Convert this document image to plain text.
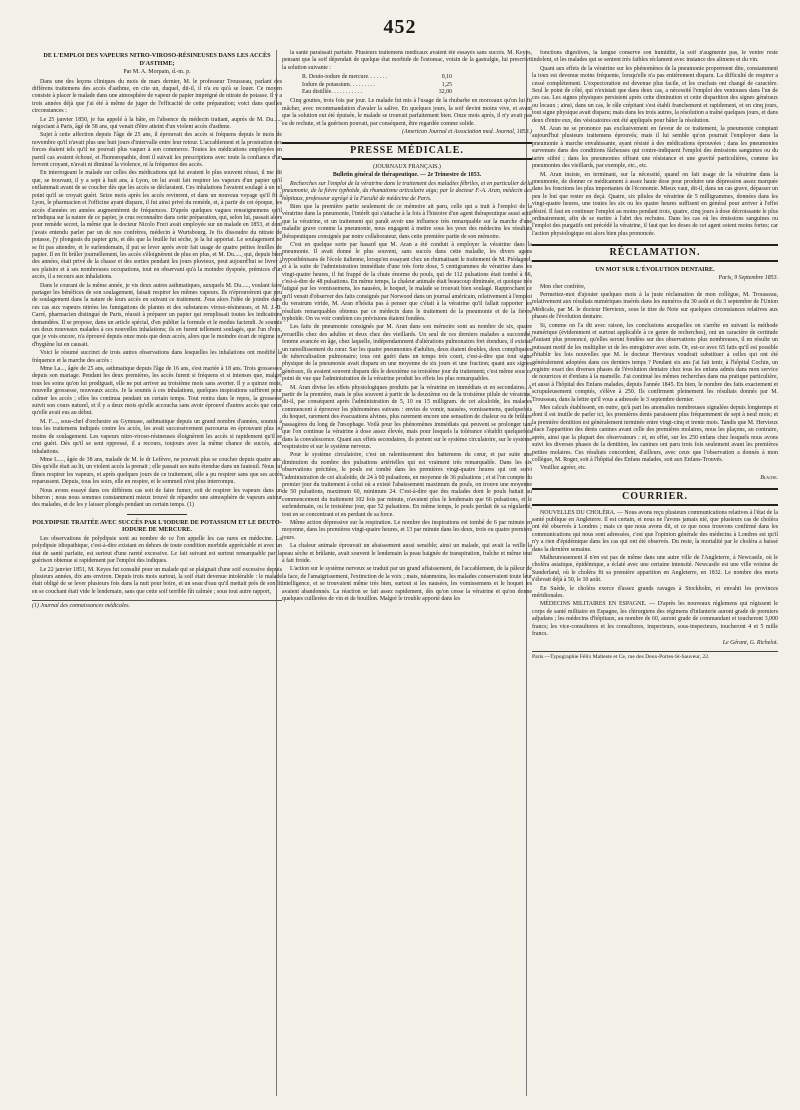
452
DE L'EMPLOI DES VAPEURS NITRO-VIROSO-RÉSINEUSES DANS LES ACCÈS D'ASTHME;
Par M. A. Morpain, d.-m. p.

Dans une des leçons cliniques du mois de mars dernier, M. le professeur Trousseau, parlant des différens traitemens des accès d'asthme, en cite un, duquel, dit-il, il n'a eu qu'à se louer. Ce moyen consiste à placer le malade dans une atmosphère de vapeur de papier imprégné de nitrate de potasse. Il y a trois années déjà que j'ai été à même de juger de l'efficacité de cette préparation; voici dans quelles circonstances :

Le 25 janvier 1850, je fus appelé à la hâte, en l'absence du médecin traitant, auprès de M. Du....., négociant à Paris, âgé de 58 ans, qui venait d'être atteint d'un violent accès d'asthme.

Sujet à cette affection depuis l'âge de 25 ans, il éprouvait des accès si fréquens depuis le mois de novembre qu'il n'avait plus une huit jours d'intervalle entre leur retour. L'accablement et la prostration des forces étaient tels qu'il ne pouvait plus vaquer à son commerce. Toutes les médications employées en pareil cas avaient échoué, et l'homœopathie, dont il suivait les prescriptions avec toute la confiance d'un fervent croyant, n'avait ni diminué la violence, ni la fréquence des accès.

En interrogeant le malade sur celles des médications qui lui avaient le plus souvent réussi, il me dit que, se trouvant, il y a sept à huit ans, à Lyon, on lui avait fait respirer les vapeurs d'un papier qu'il enflammait avant de se coucher dès que les accès se déclaraient. Ces inhalations l'avaient soulagé à un tel point qu'il se croyait guéri. Seize mois après les accès revinrent, et dans un nouveau voyage qu'il fit à Lyon, le pharmacien et l'officine ayant disparu, il fut ainsi privé du remède, et, à partir de cet époque, les accès d'années en années augmentèrent de fréquences. D'après quelques vagues renseignemens qu'il m'indiqua sur la nature de ce papier, je crus reconnaître dans cette préparation, qui, selon lui, passait alors pour remède secret, la même que le docteur Nicolo Freri avait employée sur un malade en 1853, et dont j'avais entendu parler par un de nos confrères, médecin à Wurtsbourg. Je fis dissoudre du nitrate de potasse, j'y plongeais du papier gris, et dès que la feuille fut sèche, je la lui apportai. Le soulagement ne se fit pas attendre, et le surlendemain, il put se lever après avoir fait usage de quatre petites feuilles de papier. Il en fit brûler journellement, les accès s'éloignèrent de plus en plus, et M. Du....., qui, depuis bien des années, était privé de la chasse et des sorties pendant les jours pluvieux, peut aujourd'hui se livrer à ses plaisirs et à ses nombreuses occupations, tout en observant qu'à la moindre dyspnée, prémices d'un accès, il a recours aux inhalations.

Dans le courant de la même année, je vis deux autres asthmatiques, auxquels M. Du....., voulant faire partager les bénéfices de son soulagement, faisait respirer les mêmes vapeurs. Ils n'éprouvèrent que peu de soulagement dans la nature de leurs accès en suivant ce traitement. J'eus alors l'idée de joindre dans ces cas aux vapeurs nitrées les fumigations de plantes et des substances viroso-résineuses, et M. J.-B. Carré, pharmacien distingué de Paris, réussit à préparer un papier qui remplissait toutes les indications demandées. Il se propose, dans un article spécial, d'en publier la formule et le modus faciendi. Je soumis ces deux nouveaux malades à ces nouvelles inhalations; ils en furent tellement soulagés, que l'un d'eux, que je vois encore, n'a éprouvé depuis onze mois que deux accès, alors que le moindre écart de régime ou d'hygiène lui en causait.

Voici le résumé succinct de trois autres observations dans lesquelles les inhalations ont modifié la fréquence et la marche des accès :

Mme La..., âgée de 25 ans, asthmatique depuis l'âge de 16 ans, s'est mariée à 18 ans. Trois grossesses depuis son mariage. Pendant les deux premières, les accès furent si fréquens et si intenses que, malgré tous les soins qu'on lui prodiguait, elle ne put arriver au troisième mois sans avorter. Il y a quinze mois, nouvelle grossesse, nouveaux accès. Je la soumis à ces inhalations, quelques inspirations suffirent pour calmer les accès ; elles les continua pendant un certain temps. Tout rentra dans le repos, la grossesse suivit son cours naturel, et il y a deux mois qu'elle accoucha sans avoir éprouvé d'autres accès que ceux qu'elle avait eus au début.

M. F...., sous-chef d'orchestre au Gymnase, asthmatique depuis un grand nombre d'années, soumis à tous les traitemens indiqués contre les accès, les avait successivement parcourus en éprouvant plus ou moins de soulagement. Les vapeurs nitro-viroso-résineuses éloignèrent les accès si rapidement qu'il se crut guéri. Dès qu'il se sent oppressé, il a recours, toujours avec la même chance de succès, aux inhalations.

Mme L...., âgée de 38 ans, malade de M. le dr Lefèvre, ne pouvait plus se coucher depuis quatre ans. Dès qu'elle était au lit, un violent accès la prenait ; elle passait ses nuits étendue dans un fauteuil. Nous lui fîmes respirer les vapeurs, et après quelques jours de ce traitement, elle a pu respirer sans que ses accès reparussent. Depuis, tous les soirs, elle en respire, et le sommeil n'est plus interrompu.

Nous avons essayé dans ces différens cas soit de faire fumer, soit de respirer les vapeurs dans un biberon ; nous nous sommes constamment mieux trouvé de répandre une atmosphère de vapeurs autour des malades, et de les y laisser plongés pendant un certain temps. (1)

POLYDIPSIE TRAITÉE AVEC SUCCÈS PAR L'IODURE DE POTASSIUM ET LE DEUTO-IODURE DE MERCURE.

Les observations de polydipsie sont au nombre de ce l'on appelle les cas rares en médecine. La polydipsie idiopathique, c'est-à-dire existant en dehors de toute condition morbide appréciable et avec un état de santé parfaite, est surtout d'une rareté excessive. Le fait suivant est surtout remarquable par la guérison obtenue si rapidement par l'emploi des iodiques.

Le 22 janvier 1851, M. Keyes fut consulté pour un malade qui se plaignait d'une soif excessive depuis plusieurs années, dix ans environ. Depuis trois mois surtout, la soif était devenue intolérable : le malade était obligé de se lever plusieurs fois dans la nuit pour boire, et un seau d'eau qu'il mettait près de son lit en se couchant était vide le lendemain, sans que cette soif terrible fût calmée ; sous tout autre rapport,

(1) Journal des connaissances médicales.

la santé paraissait parfaite. Plusieurs traitemens médicaux avaient été essayés sans succès. M. Keyes, pensant que la soif dépendait de quelque état morbide de l'estomac, voisin de la gastralgie, lui prescrivit la solution suivante :

R. Deuto-iodure de mercure. . . . . . .	0,10
Iodure de potassium. . . . . . . . .	1,25
Eau distillée. . . . . . . . . . .	32,00

Cinq gouttes, trois fois par jour. Le malade fut mis à l'usage de la rhubarbe en morceaux qu'on lui fit mâcher, avec recommandation d'avaler la salive. En quelques jours, la soif devint moins vive, et avant que la solution eut été épuisée, le malade se trouvait parfaitement bien. Onze mois après, il n'y avait pas eu de rechute, et la guérison pouvait, par conséquent, être regardée comme solide.

(American Journal et Association med. Journal, 1853.)

PRESSE MÉDICALE.

(JOURNAUX FRANÇAIS.)

Bulletin général de thérapeutique. — 2e Trimestre de 1853.

Recherches sur l'emploi de la vératrine dans le traitement des maladies fébriles, et en particulier de la pneumonie, de la fièvre typhoïde, du rhumatisme articulaire aigu; par le docteur F.-A. Aran, médecin des hôpitaux, professeur agrégé à la Faculté de médecine de Paris.

Bien que la première partie seulement de ce mémoire ait paru, celle qui a trait à l'emploi de la vératrine dans la pneumonie, l'intérêt qui s'attache à la fois à l'histoire d'un agent thérapeutique aussi actif que la vératrine, et un traitement qui paraît avoir une influence très remarquable sur la marche d'une maladie grave comme la pneumonie, nous engagent à mettre sous les yeux des médecins les résultats thérapeutiques consignés par notre collaborateur, dans cette première partie de son mémoire.

C'est en quelque sorte par hasard que M. Aran a été conduit à employer la vératrine dans la pneumonie. Il avait donné le plus souvent, sans succès dans cette maladie, les divers agens hyposthénisans de l'école italienne, lorsqu'en essayant chez un rhumatisant le traitement de M. Piédagnel, et à la suite de l'administration immédiate d'une très forte dose, 5 centigrammes de vératrine dans les vingt-quatre heures, il fut frappé de la chute énorme du pouls, qui de 112 pulsations était tombé à 66, c'est-à-dire de 48 pulsations. En même temps, la chaleur animale était beaucoup diminuée, et quoique très fatigué par les vomissemens, les nausées, le hoquet, le malade se trouvait bien soulagé. Rapprochant ce qu'il venait d'observer des faits consignés par Norwood dans un journal américain, relativement à l'emploi du veratrum viride, M. Aran n'hésita pas à penser que c'était à la vératrine qu'il fallait rapporter les résultats remarquables obtenus par ce médecin dans le traitement de la pneumonie et de la fièvre typhoïde. On va voir combien ces prévisions étaient fondées.

Les faits de pneumonie consignés par M. Aran dans son mémoire sont au nombre de six, quatre recueillis chez des adultes et deux chez des vieillards. Un seul de ces derniers malades a succombé, femme avancée en âge, chez laquelle, indépendamment d'altérations pulmonaires fort étendues, il existait un ramollissement du cœur. Sur les quatre pneumonies d'adultes, deux étaient doubles, deux compliquées de tuberculisation pulmonaire; tous ont guéri dans un temps très court, c'est-à-dire que tout signe physique de la pneumonie avait disparu en une moyenne de six jours et une fraction; quant aux signes généraux, ils avaient souvent disparu dès le deuxième ou troisième jour du traitement; c'est même sous ce point de vue que l'administration de la vératrine produit les effets les plus remarquables.

M. Aran divise les effets physiologiques produits par la vératrine en immédiats et en secondaires. A partir de la première, mais le plus souvent à partir de la deuxième ou de la troisième pilule de vératrine, dit-il, par conséquent après l'administration de 5, 10 ou 15 milligram. de cet alcaloïde, les malades commencent à éprouver les phénomènes suivans : envies de vomir, nausées, vomissemens, quelquefois du hoquet, rarement des évacuations alvines, plus rarement encore une sensation de chaleur ou de brûlure passagères du long de l'œsophage. Voilà pour les phénomènes immédiats qui peuvent se prolonger tant que l'on continue la vératrine à dose assez élevée, mais pour lesquels la tolérance s'établit quelquefois dans la convalescence. Quant aux effets secondaires, ils portent sur le système circulatoire, sur le système respiratoire et sur le système nerveux.

Pour le système circulatoire, c'est un ralentissement des battemens du cœur, et par suite une diminution du nombre des pulsations artérielles qui est vraiment très remarquable. Dans les six observations précitées, le pouls est tombé dans les premières vingt-quatre heures qui ont suivi l'administration de cet alcaloïde, de 24 à 60 pulsations, en moyenne de 36 pulsations ; et si l'on compte du premier jour du traitement à celui où a existé l'abaissement maximum du pouls, on trouve une moyenne de 50 pulsations, maximum 60, minimum 24. C'est-à-dire que des malades dont le pouls battait au commencement du traitement 102 fois par minute, n'avaient plus le lendemain que 66 pulsations, et le surlendemain, ou le troisième jour, que 52 pulsations. En même temps, le pouls perdait de sa régularité, tout en se concentrant et en perdant de sa force.

Même action dépressive sur la respiration. Le nombre des inspirations est tombé de 6 par minute en moyenne, dans les premières vingt-quatre heures, et 13 par minute dans les deux, trois ou quatre premiers jours.

La chaleur animale éprouvait un abaissement aussi sensible; ainsi un malade, qui avait la veille la peau sèche et brûlante, avait souvent le lendemain la peau baignée de transpiration, fraîche et même tout à fait froide.

L'action sur le système nerveux se traduit par un grand affaissement, de l'accablement, de la pâleur de la face, de l'amaigrissement, l'extinction de la voix ; mais, néanmoins, les malades conservaient toute leur intelligence, et se trouvaient même très bien, surtout si les nausées, les vomissemens et le hoquet les avaient abandonnés. La réaction se fait assez rapidement, dès qu'on cesse la vératrine et qu'on donne quelques cuillerées de vin et de bouillon. Malgré le trouble apporté dans les

fonctions digestives, la langue conserve son humidité, la soif n'augmente pas, le ventre reste indolent, et les malades qui se sentent très faibles réclament avec instance des alimens et du vin.

Quant aux effets de la vératrine sur les phénomènes de la pneumonie proprement dite, constamment la toux est devenue moins fréquente, lorsqu'elle n'a pas entièrement disparu. La difficulté de respirer a cessé complètement. L'expectoration est devenue plus facile, et les crachats ont changé de caractère. Seul le point de côté, qui n'existait que dans deux cas, a nécessité l'emploi des ventouses dans l'un de ces cas. Les signes physiques persistent après cette diminution et cette disparition des signes généraux ou locaux ; ainsi, dans un cas, le râle crépitant s'est établi franchement et rapidement, et en cinq jours, tout signe physique avait disparu; mais dans les trois autres, la résolution a traîné quelques jours, et dans deux d'entre eux, des vésicatoires ont été appliqués pour hâter la résolution.

M. Aran ne se prononce pas exclusivement en faveur de ce traitement, la pneumonie comptant aujourd'hui plusieurs traitemens éprouvés; mais il lui semble qu'on pourrait l'employer dans la pneumonie à marche envahissante, ayant résisté à des médications éprouvées ; dans les pneumonies survenues dans des conditions fâcheuses qui contre-indiquent l'emploi des émissions sanguines ou du tartre stibié ; dans les pneumonies offrant une résistance et une gravité particulières, comme les pneumonies des vieillards, par exemple, etc., etc.

M. Aran insiste, en terminant, sur la nécessité, quand on fait usage de la vératrine dans la pneumonie, de donner ce médicament à assez haute dose pour produire une dépression assez marquée dans les fonctions les plus importantes de l'économie. Mieux vaut, dit-il, dans un cas grave, dépasser un peu le but que rester en deçà. Quatre, six pilules de vératrine de 5 milligrammes, données dans les vingt-quatre heures, une toutes les six ou les quatre heures suffisent en général pour arriver à l'effet désiré. Il faut en continuer l'emploi au moins pendant trois, quatre, cinq jours à dose décroissante le plus ordinairement, afin de se mettre à l'abri des rechutes. Dans les cas où les émissions sanguines ou l'emploi des purgatifs ont précédé la vératrine, il faut que les doses de cet agent soient moins fortes; car l'action physiologique est alors bien plus prononcée.

RÉCLAMATION.
UN MOT SUR L'ÉVOLUTION DENTAIRE.

Paris, 9 Septembre 1853.

Mon cher confrère,

Permettez-moi d'ajouter quelques mots à la juste réclamation de mon collègue, M. Trousseau, relativement aux résultats numériques insérés dans les numéros du 30 août et du 3 septembre de l'Union Médicale, par M. le docteur Hervieux, sous le titre de Note sur quelques circonstances relatives aux phases de l'évolution dentaire.

Si, comme on l'a dit avec raison, les conclusions auxquelles on s'arrête en suivant la méthode numérique (évidemment et surtout applicable à ce genre de recherches), ont un caractère de certitude d'autant plus prononcé, qu'elles seront fondées sur des observations plus nombreuses, il en résulte un puissant motif de les multiplier et de les enregistrer avec soin. Or, est-ce avec 65 faits qu'il est possible d'établir les lois nouvelles que M. le docteur Hervieux voudrait substituer à celles qui ont été généralement adoptées dans ces derniers temps ? Pendant six ans j'ai fait tenir, à l'hôpital Cochin, un registre exact des diverses phases de l'évolution dentaire chez tous les enfans admis dans mon service de nourrices et d'enfans à la mamelle. J'ai continué les mêmes recherches dans ma pratique particulière, et aussi à l'hôpital des Enfans malades, depuis l'année 1845. En bien, le nombre des faits exactement et scrupuleusement comptés, s'élève à 250. Ils confirment pleinement les résultats donnés par M. Trousseau, dans la lettre qu'il vous a adressée le 3 septembre dernier.

Mes calculs établissent, en outre, qu'à part les anomalies nombreuses signalées depuis longtemps et dont il est inutile de parler ici, les premières dents paraissent plus fréquemment de sept à neuf mois; et la première dentition est généralement terminée entre vingt-cinq et trente mois. Tandis que M. Hervieux place l'apparition des dents canines avant celle des premières molaires, nous les plaçons, au contraire, après, ainsi que la plupart des observateurs : et, en effet, sur les 250 enfans chez lesquels nous avons suivi les diverses phases de la dentition, les canines ont paru trois fois seulement avant les premières petites molaires. Ces résultats concordent, d'ailleurs, avec ceux que l'observation a donnés à mon collègue, M. Roger, soit à l'hôpital des Enfans malades, soit aux Enfans-Trouvés.

Veuillez agréer, etc.

Blache.
COURRIER.

NOUVELLES DU CHOLÉRA. — Nous avons reçu plusieurs communications relatives à l'état de la santé publique en Angleterre. Il est certain, et nous ne l'avons jamais nié, que plusieurs cas de choléra ont été observés à Londres ; mais ce que nous avons dit, et ce que nous trouvons confirmé dans les communications qui nous sont adressées, c'est que l'opinion générale des médecins à Londres est qu'il n'y a rien d'épidémique dans les cas qui ont été observés. Du reste, la mortalité par le choléra a baissé dans la dernière semaine.

Malheureusement il n'en est pas de même dans une autre ville de l'Angleterre, à Newcastle, où le choléra asiatique, épidémique, a éclaté avec une certaine intensité. Newcastle est une ville voisine de Sunderland, où le choléra fit sa première apparition en Angleterre, en 1832. Le nombre des morts s'élevait déjà à 50, le 10 août.

En Suède, le choléra exerce d'assez grands ravages à Stockholm, et envahit les provinces méridionales.

MÉDECINS MILITAIRES EN ESPAGNE. — D'après les nouveaux règlemens qui régissent le corps de santé militaire en Espagne, les chirurgiens des régimens d'infanterie auront grade de premiers adjudans ; les médecins d'hôpitaux, au nombre de 60, auront grade de commandant et toucheront 3,000 francs; les vice-consultores et les consultores, inspecteurs, sous-inspecteurs, toucheront 4 et 5 mille francs.

Le Gérant, G. Richelot.
Paris.—Typographie Félix Malteste et Ce, rue des Deux-Portes-St-Sauveur, 22.
